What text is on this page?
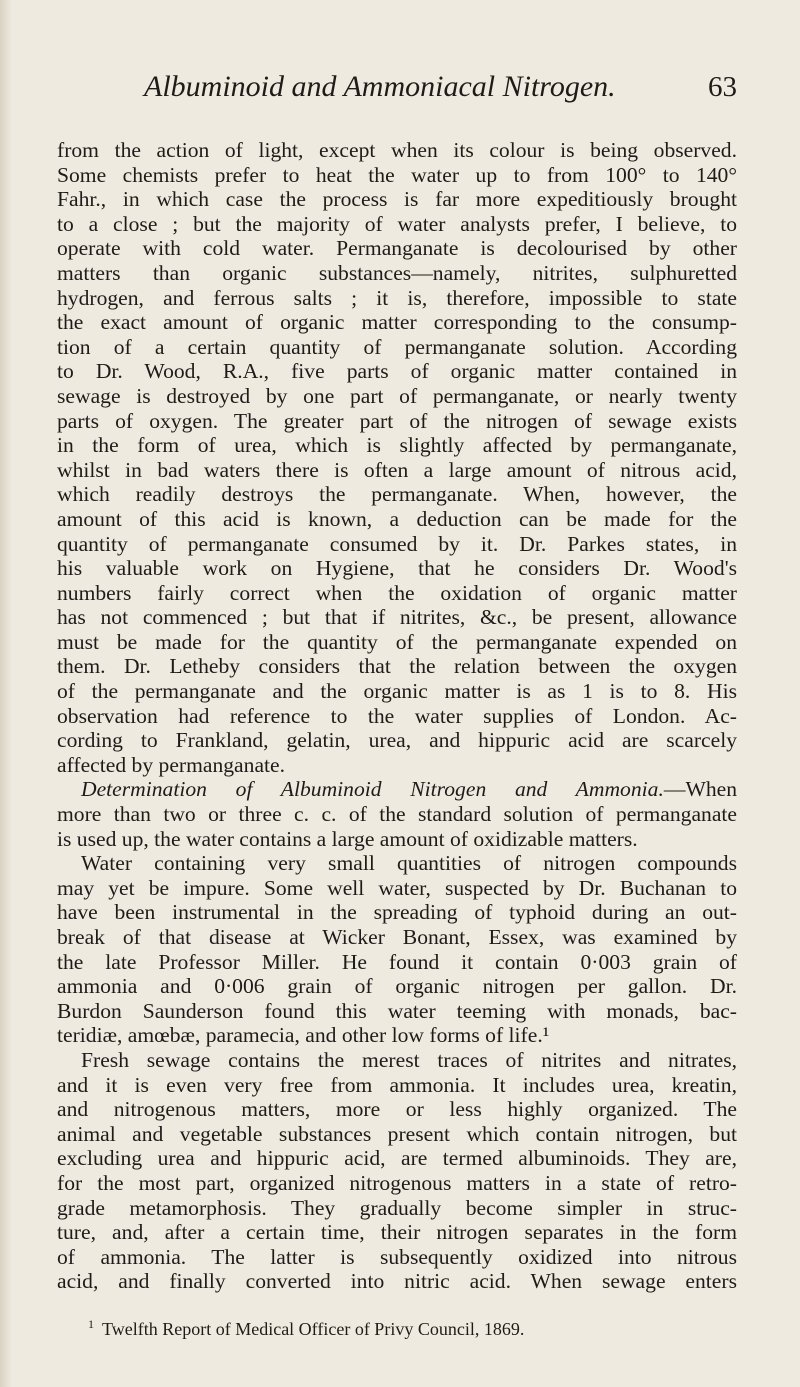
Albuminoid and Ammoniacal Nitrogen.	63

from the action of light, except when its colour is being observed.

Some chemists prefer to heat the water up to from 100° to 140°

Fahr., in which case the process is far more expeditiously brought

to a close ; but the majority of water analysts prefer, I believe, to

operate with cold water. Permanganate is decolourised by other

matters than organic substances—namely, nitrites, sulphuretted

hydrogen, and ferrous salts ; it is, therefore, impossible to state

the exact amount of organic matter corresponding to the consump-

tion of a certain quantity of permanganate solution. According

to Dr. Wood, R.A., five parts of organic matter contained in

sewage is destroyed by one part of permanganate, or nearly twenty

parts of oxygen. The greater part of the nitrogen of sewage exists

in the form of urea, which is slightly affected by permanganate,

whilst in bad waters there is often a large amount of nitrous acid,

which readily destroys the permanganate. When, however, the

amount of this acid is known, a deduction can be made for the

quantity of permanganate consumed by it. Dr. Parkes states, in

his valuable work on Hygiene, that he considers Dr. Wood's

numbers fairly correct when the oxidation of organic matter

has not commenced ; but that if nitrites, &c., be present, allowance

must be made for the quantity of the permanganate expended on

them. Dr. Letheby considers that the relation between the oxygen

of the permanganate and the organic matter is as 1 is to 8. His

observation had reference to the water supplies of London. Ac-

cording to Frankland, gelatin, urea, and hippuric acid are scarcely

affected by permanganate.

Determination of Albuminoid Nitrogen and Ammonia.—When

more than two or three c. c. of the standard solution of permanganate

is used up, the water contains a large amount of oxidizable matters.

Water containing very small quantities of nitrogen compounds

may yet be impure. Some well water, suspected by Dr. Buchanan to

have been instrumental in the spreading of typhoid during an out-

break of that disease at Wicker Bonant, Essex, was examined by

the late Professor Miller. He found it contain 0·003 grain of

ammonia and 0·006 grain of organic nitrogen per gallon. Dr.

Burdon Saunderson found this water teeming with monads, bac-

teridiæ, amœbæ, paramecia, and other low forms of life.¹

Fresh sewage contains the merest traces of nitrites and nitrates,

and it is even very free from ammonia. It includes urea, kreatin,

and nitrogenous matters, more or less highly organized. The

animal and vegetable substances present which contain nitrogen, but

excluding urea and hippuric acid, are termed albuminoids. They are,

for the most part, organized nitrogenous matters in a state of retro-

grade metamorphosis. They gradually become simpler in struc-

ture, and, after a certain time, their nitrogen separates in the form

of ammonia. The latter is subsequently oxidized into nitrous

acid, and finally converted into nitric acid. When sewage enters

$^1$ Twelfth Report of Medical Officer of Privy Council, 1869.
